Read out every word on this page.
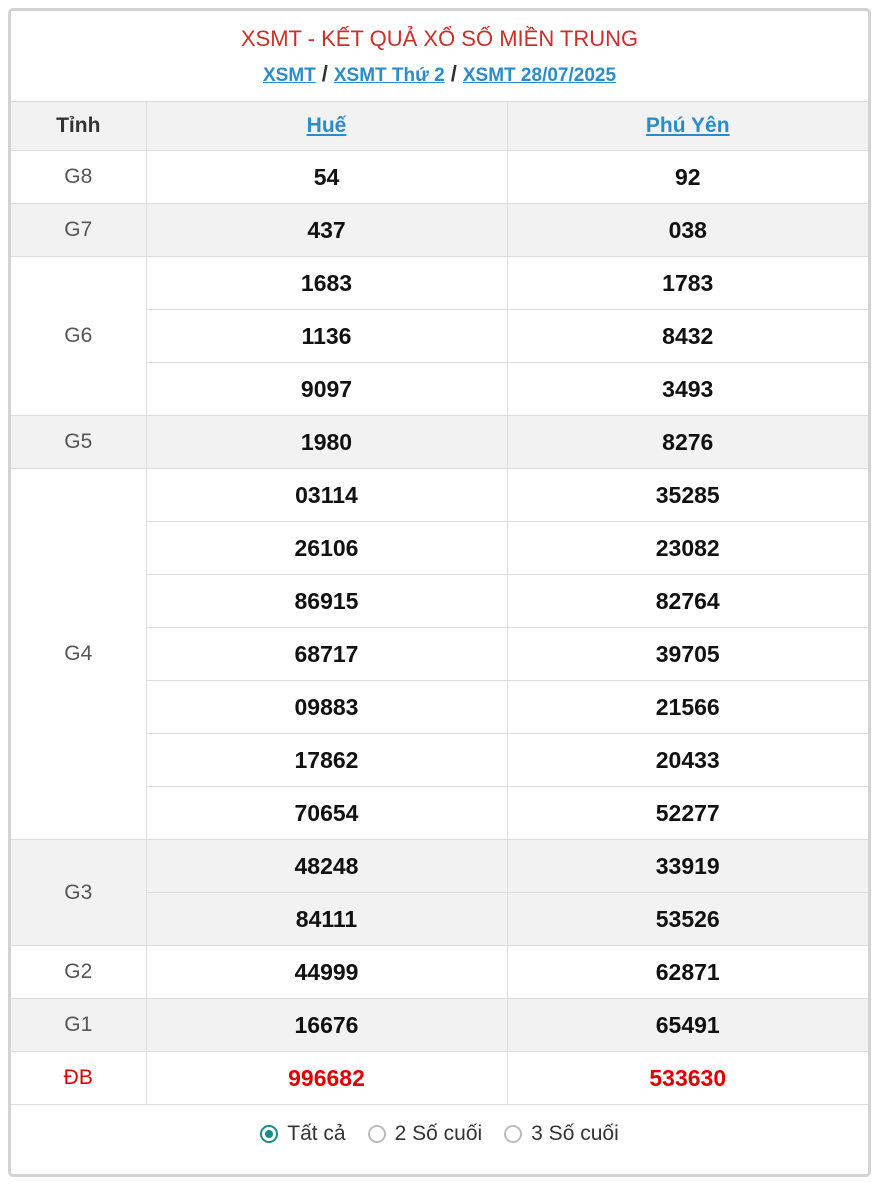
XSMT - KẾT QUẢ XỔ SỐ MIỀN TRUNG
XSMT / XSMT Thứ 2 / XSMT 28/07/2025
Tỉnh	Huế	Phú Yên
G8	54	92
G7	437	038
G6	1683	1783
	1136	8432
	9097	3493
G5	1980	8276
G4	03114	35285
	26106	23082
	86915	82764
	68717	39705
	09883	21566
	17862	20433
	70654	52277
G3	48248	33919
	84111	53526
G2	44999	62871
G1	16676	65491
ĐB	996682	533630
Tất cả 2 Số cuối 3 Số cuối
